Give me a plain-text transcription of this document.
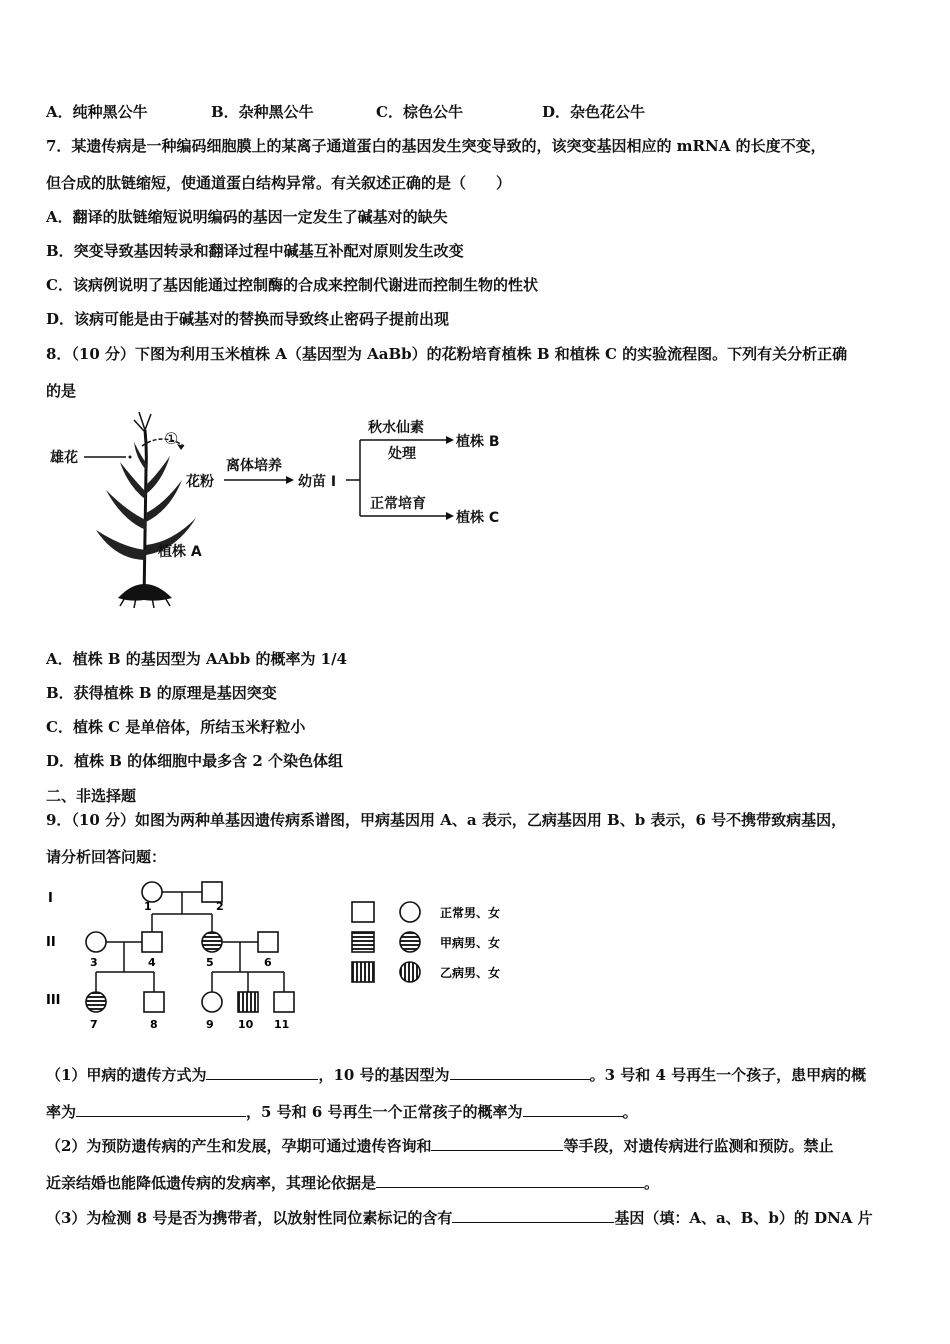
A．纯种黑公牛	B．杂种黑公牛	C．棕色公牛	D．杂色花公牛
7．某遗传病是一种编码细胞膜上的某离子通道蛋白的基因发生突变导致的，该突变基因相应的 mRNA 的长度不变，
但合成的肽链缩短，使通道蛋白结构异常。有关叙述正确的是（　　）
A．翻译的肽链缩短说明编码的基因一定发生了碱基对的缺失
B．突变导致基因转录和翻译过程中碱基互补配对原则发生改变
C．该病例说明了基因能通过控制酶的合成来控制代谢进而控制生物的性状
D．该病可能是由于碱基对的替换而导致终止密码子提前出现
8．（10 分）下图为利用玉米植株 A（基因型为 AaBb）的花粉培育植株 B 和植株 C 的实验流程图。下列有关分析正确
的是
雄花
①
花粉
离体培养
幼苗 I
秋水仙素
处理
植株 B
正常培育
植株 C
植株 A
A．植株 B 的基因型为 AAbb 的概率为 1/4
B．获得植株 B 的原理是基因突变
C．植株 C 是单倍体，所结玉米籽粒小
D．植株 B 的体细胞中最多含 2 个染色体组
二、非选择题
9．（10 分）如图为两种单基因遗传病系谱图，甲病基因用 A、a 表示，乙病基因用 B、b 表示，6 号不携带致病基因，
请分析回答问题：
I
II
III
1	2
3	4	5	6
7	8	9 10 11
正常男、女
甲病男、女
乙病男、女
（1）甲病的遗传方式为	，10 号的基因型为	。3 号和 4 号再生一个孩子，患甲病的概
率为	，5 号和 6 号再生一个正常孩子的概率为	。
（2）为预防遗传病的产生和发展，孕期可通过遗传咨询和	等手段，对遗传病进行监测和预防。禁止
近亲结婚也能降低遗传病的发病率，其理论依据是	。
（3）为检测 8 号是否为携带者，以放射性同位素标记的含有	基因（填：A、a、B、b）的 DNA 片
